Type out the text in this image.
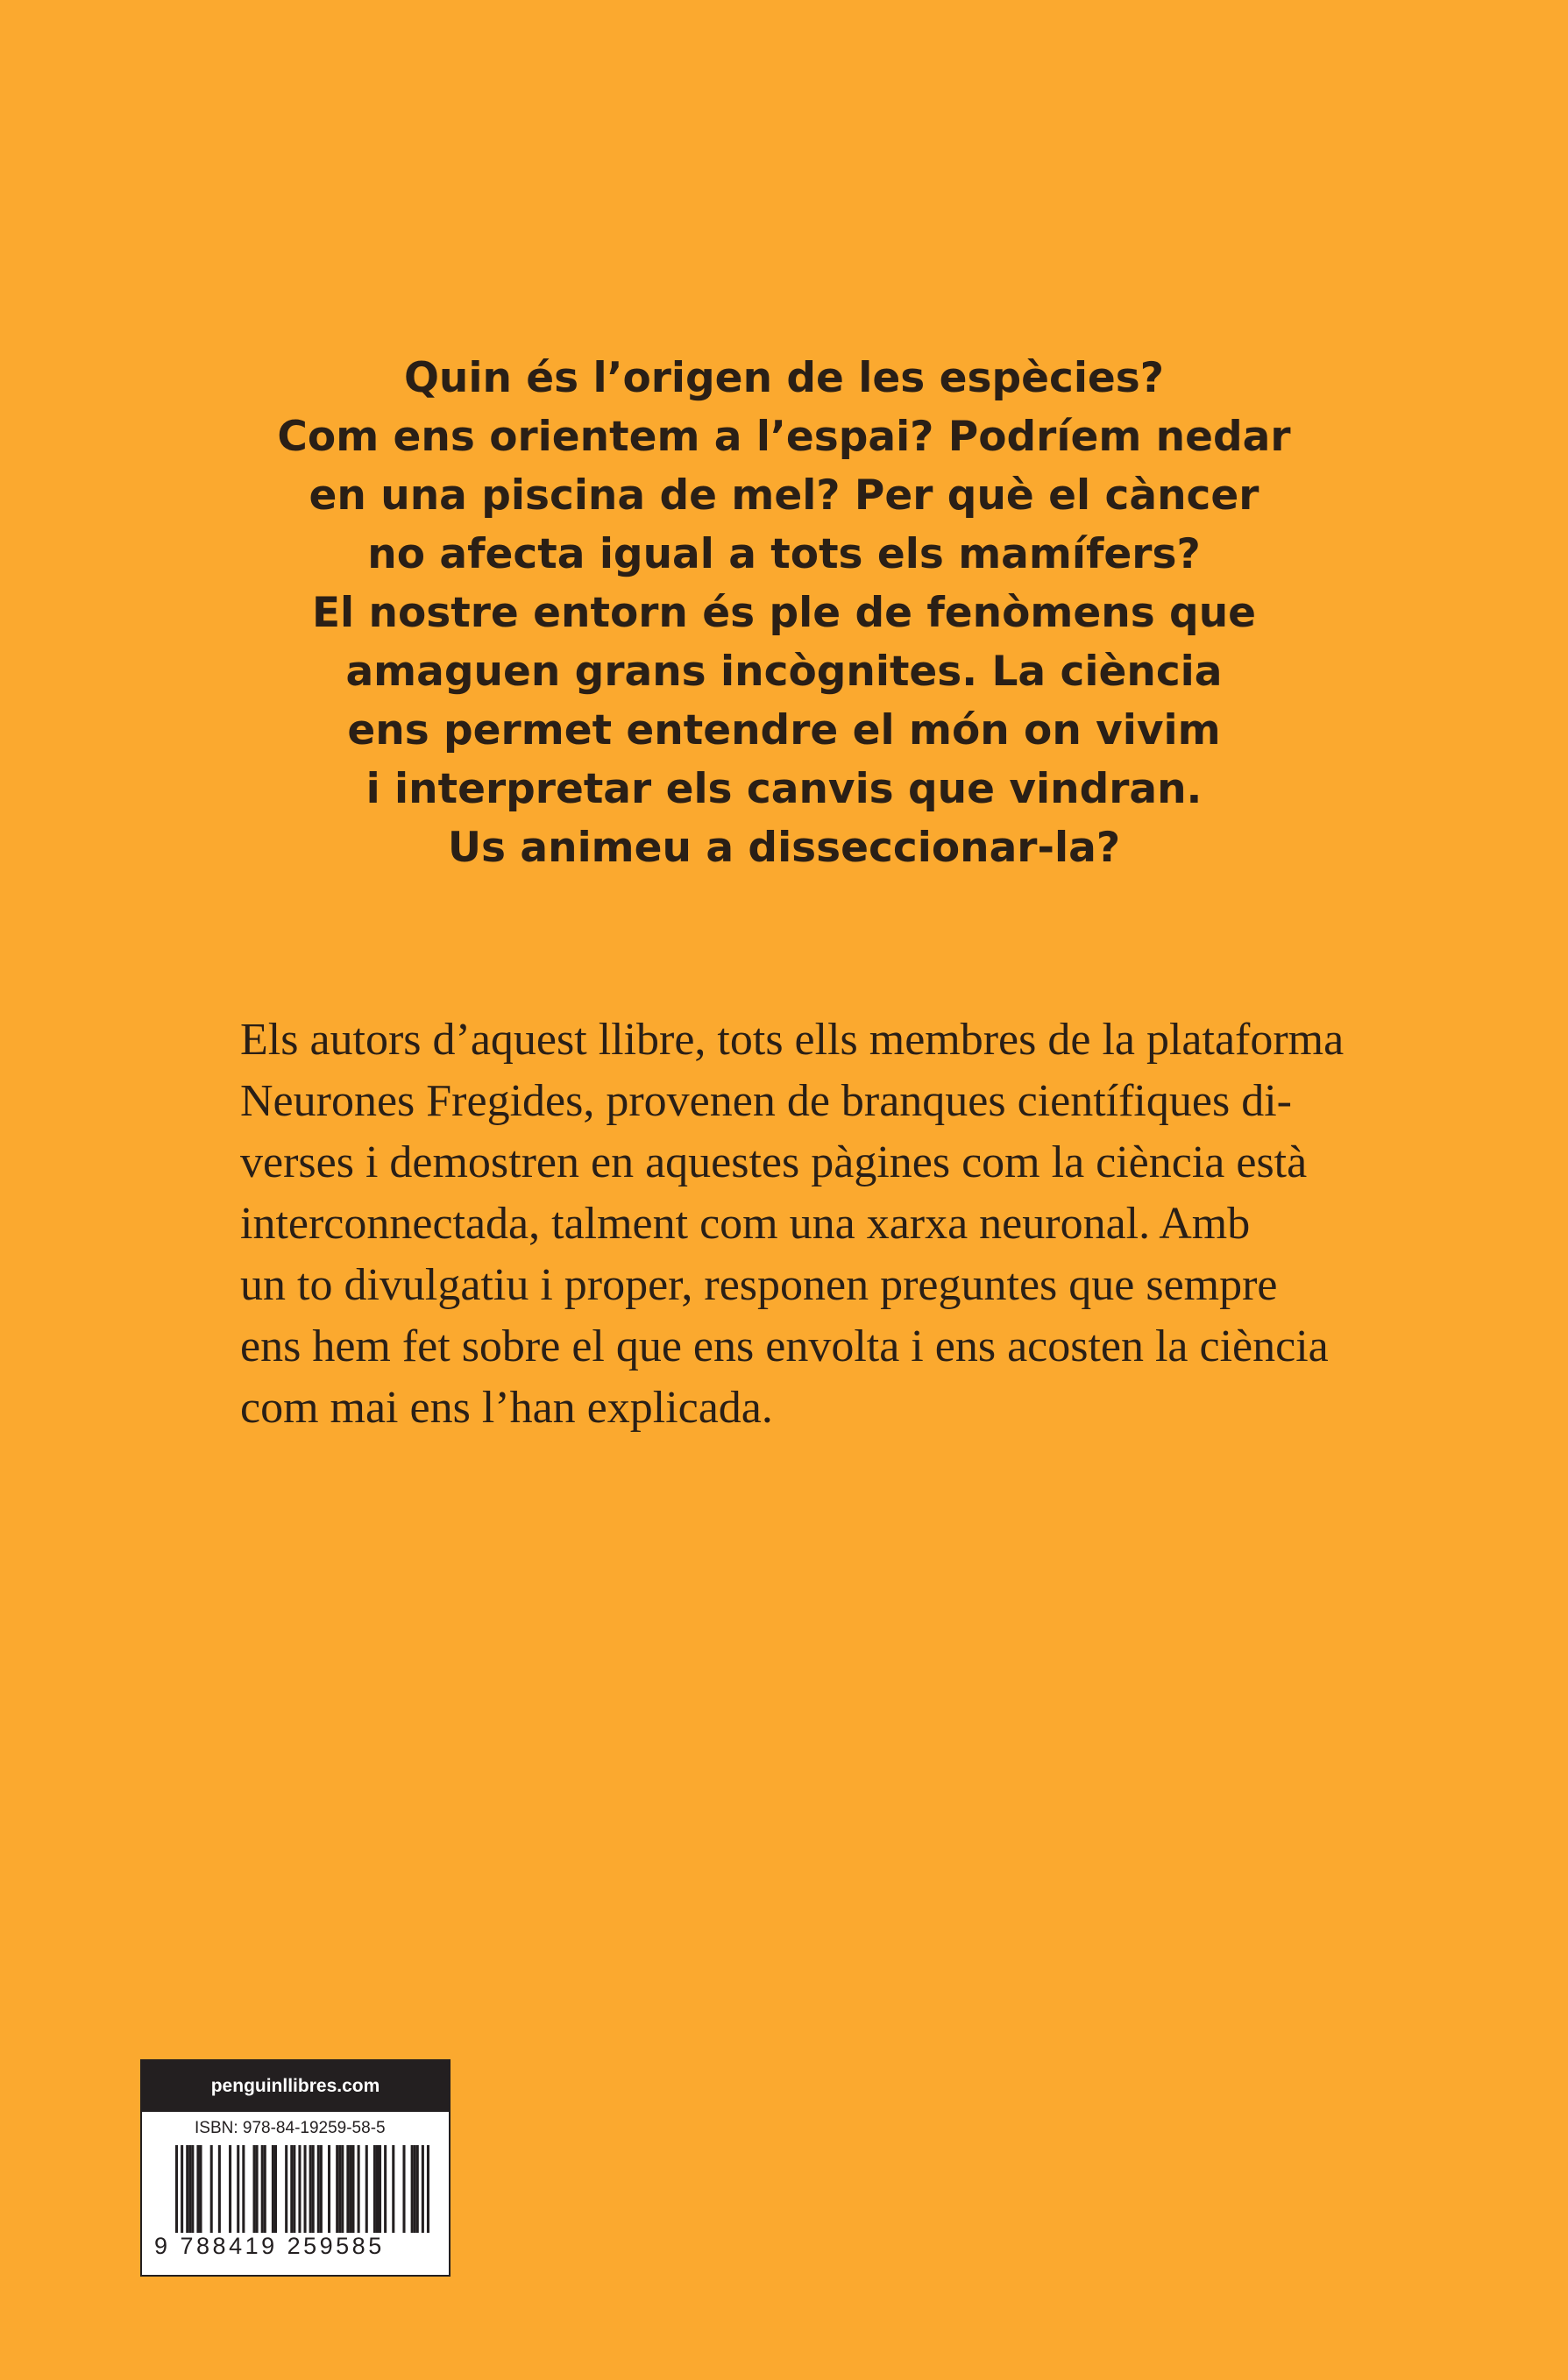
Quin és l’origen de les espècies?
Com ens orientem a l’espai? Podríem nedar
en una piscina de mel? Per què el càncer
no afecta igual a tots els mamífers?
El nostre entorn és ple de fenòmens que
amaguen grans incògnites. La ciència
ens permet entendre el món on vivim
i interpretar els canvis que vindran.
Us animeu a disseccionar-la?

Els autors d’aquest llibre, tots ells membres de la plataforma
Neurones Fregides, provenen de branques científiques di-
verses i demostren en aquestes pàgines com la ciència està
interconnectada, talment com una xarxa neuronal. Amb
un to divulgatiu i proper, responen preguntes que sempre
ens hem fet sobre el que ens envolta i ens acosten la ciència
com mai ens l’han explicada.

penguinllibres.com
ISBN: 978-84-19259-58-5
9 788419 259585
